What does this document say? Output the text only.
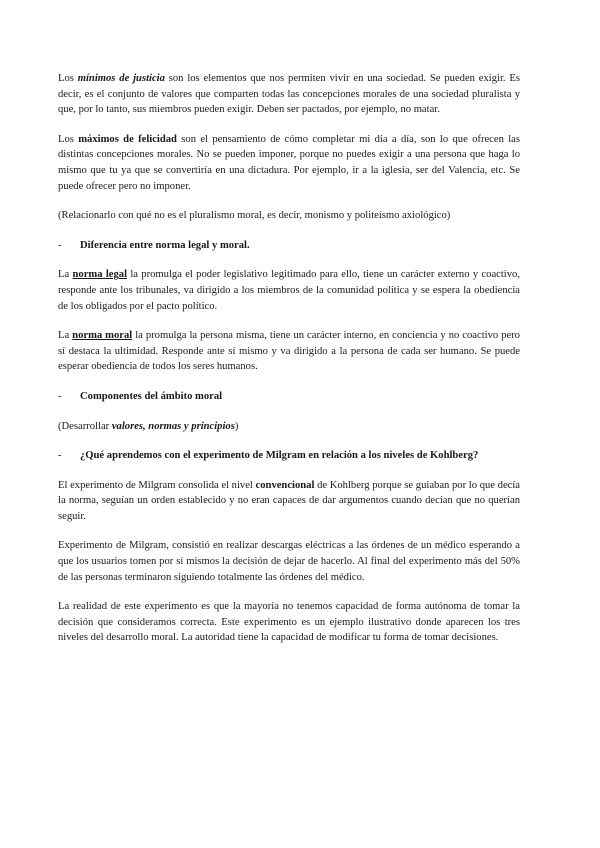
Los mínimos de justicia son los elementos que nos permiten vivir en una sociedad. Se pueden exigir. Es decir, es el conjunto de valores que comparten todas las concepciones morales de una sociedad pluralista y que, por lo tanto, sus miembros pueden exigir. Deben ser pactados, por ejemplo, no matar.

Los máximos de felicidad son el pensamiento de cómo completar mi día a día, son lo que ofrecen las distintas concepciones morales. No se pueden imponer, porque no puedes exigir a una persona que haga lo mismo que tu ya que se convertiría en una dictadura. Por ejemplo, ir a la iglesia, ser del Valencia, etc. Se puede ofrecer pero no imponer.

(Relacionarlo con qué no es el pluralismo moral, es decir, monismo y politeísmo axiológico)

-	Diferencia entre norma legal y moral.

La norma legal la promulga el poder legislativo legitimado para ello, tiene un carácter externo y coactivo, responde ante los tribunales, va dirigido a los miembros de la comunidad política y se espera la obediencia de los obligados por el pacto político.

La norma moral la promulga la persona misma, tiene un carácter interno, en conciencia y no coactivo pero sí destaca la ultimidad. Responde ante sí mismo y va dirigido a la persona de cada ser humano. Se puede esperar obediencia de todos los seres humanos.

-	Componentes del ámbito moral

(Desarrollar valores, normas y principios)

-	¿Qué aprendemos con el experimento de Milgram en relación a los niveles de Kohlberg?

El experimento de Milgram consolida el nivel convencional de Kohlberg porque se guiaban por lo que decía la norma, seguían un orden establecido y no eran capaces de dar argumentos cuando decían que no querían seguir.

Experimento de Milgram, consistió en realizar descargas eléctricas a las órdenes de un médico esperando a que los usuarios tomen por sí mismos la decisión de dejar de hacerlo. Al final del experimento más del 50% de las personas terminaron siguiendo totalmente las órdenes del médico.

La realidad de este experimento es que la mayoría no tenemos capacidad de forma autónoma de tomar la decisión que consideramos correcta. Este experimento es un ejemplo ilustrativo donde aparecen los tres niveles del desarrollo moral. La autoridad tiene la capacidad de modificar tu forma de tomar decisiones.
